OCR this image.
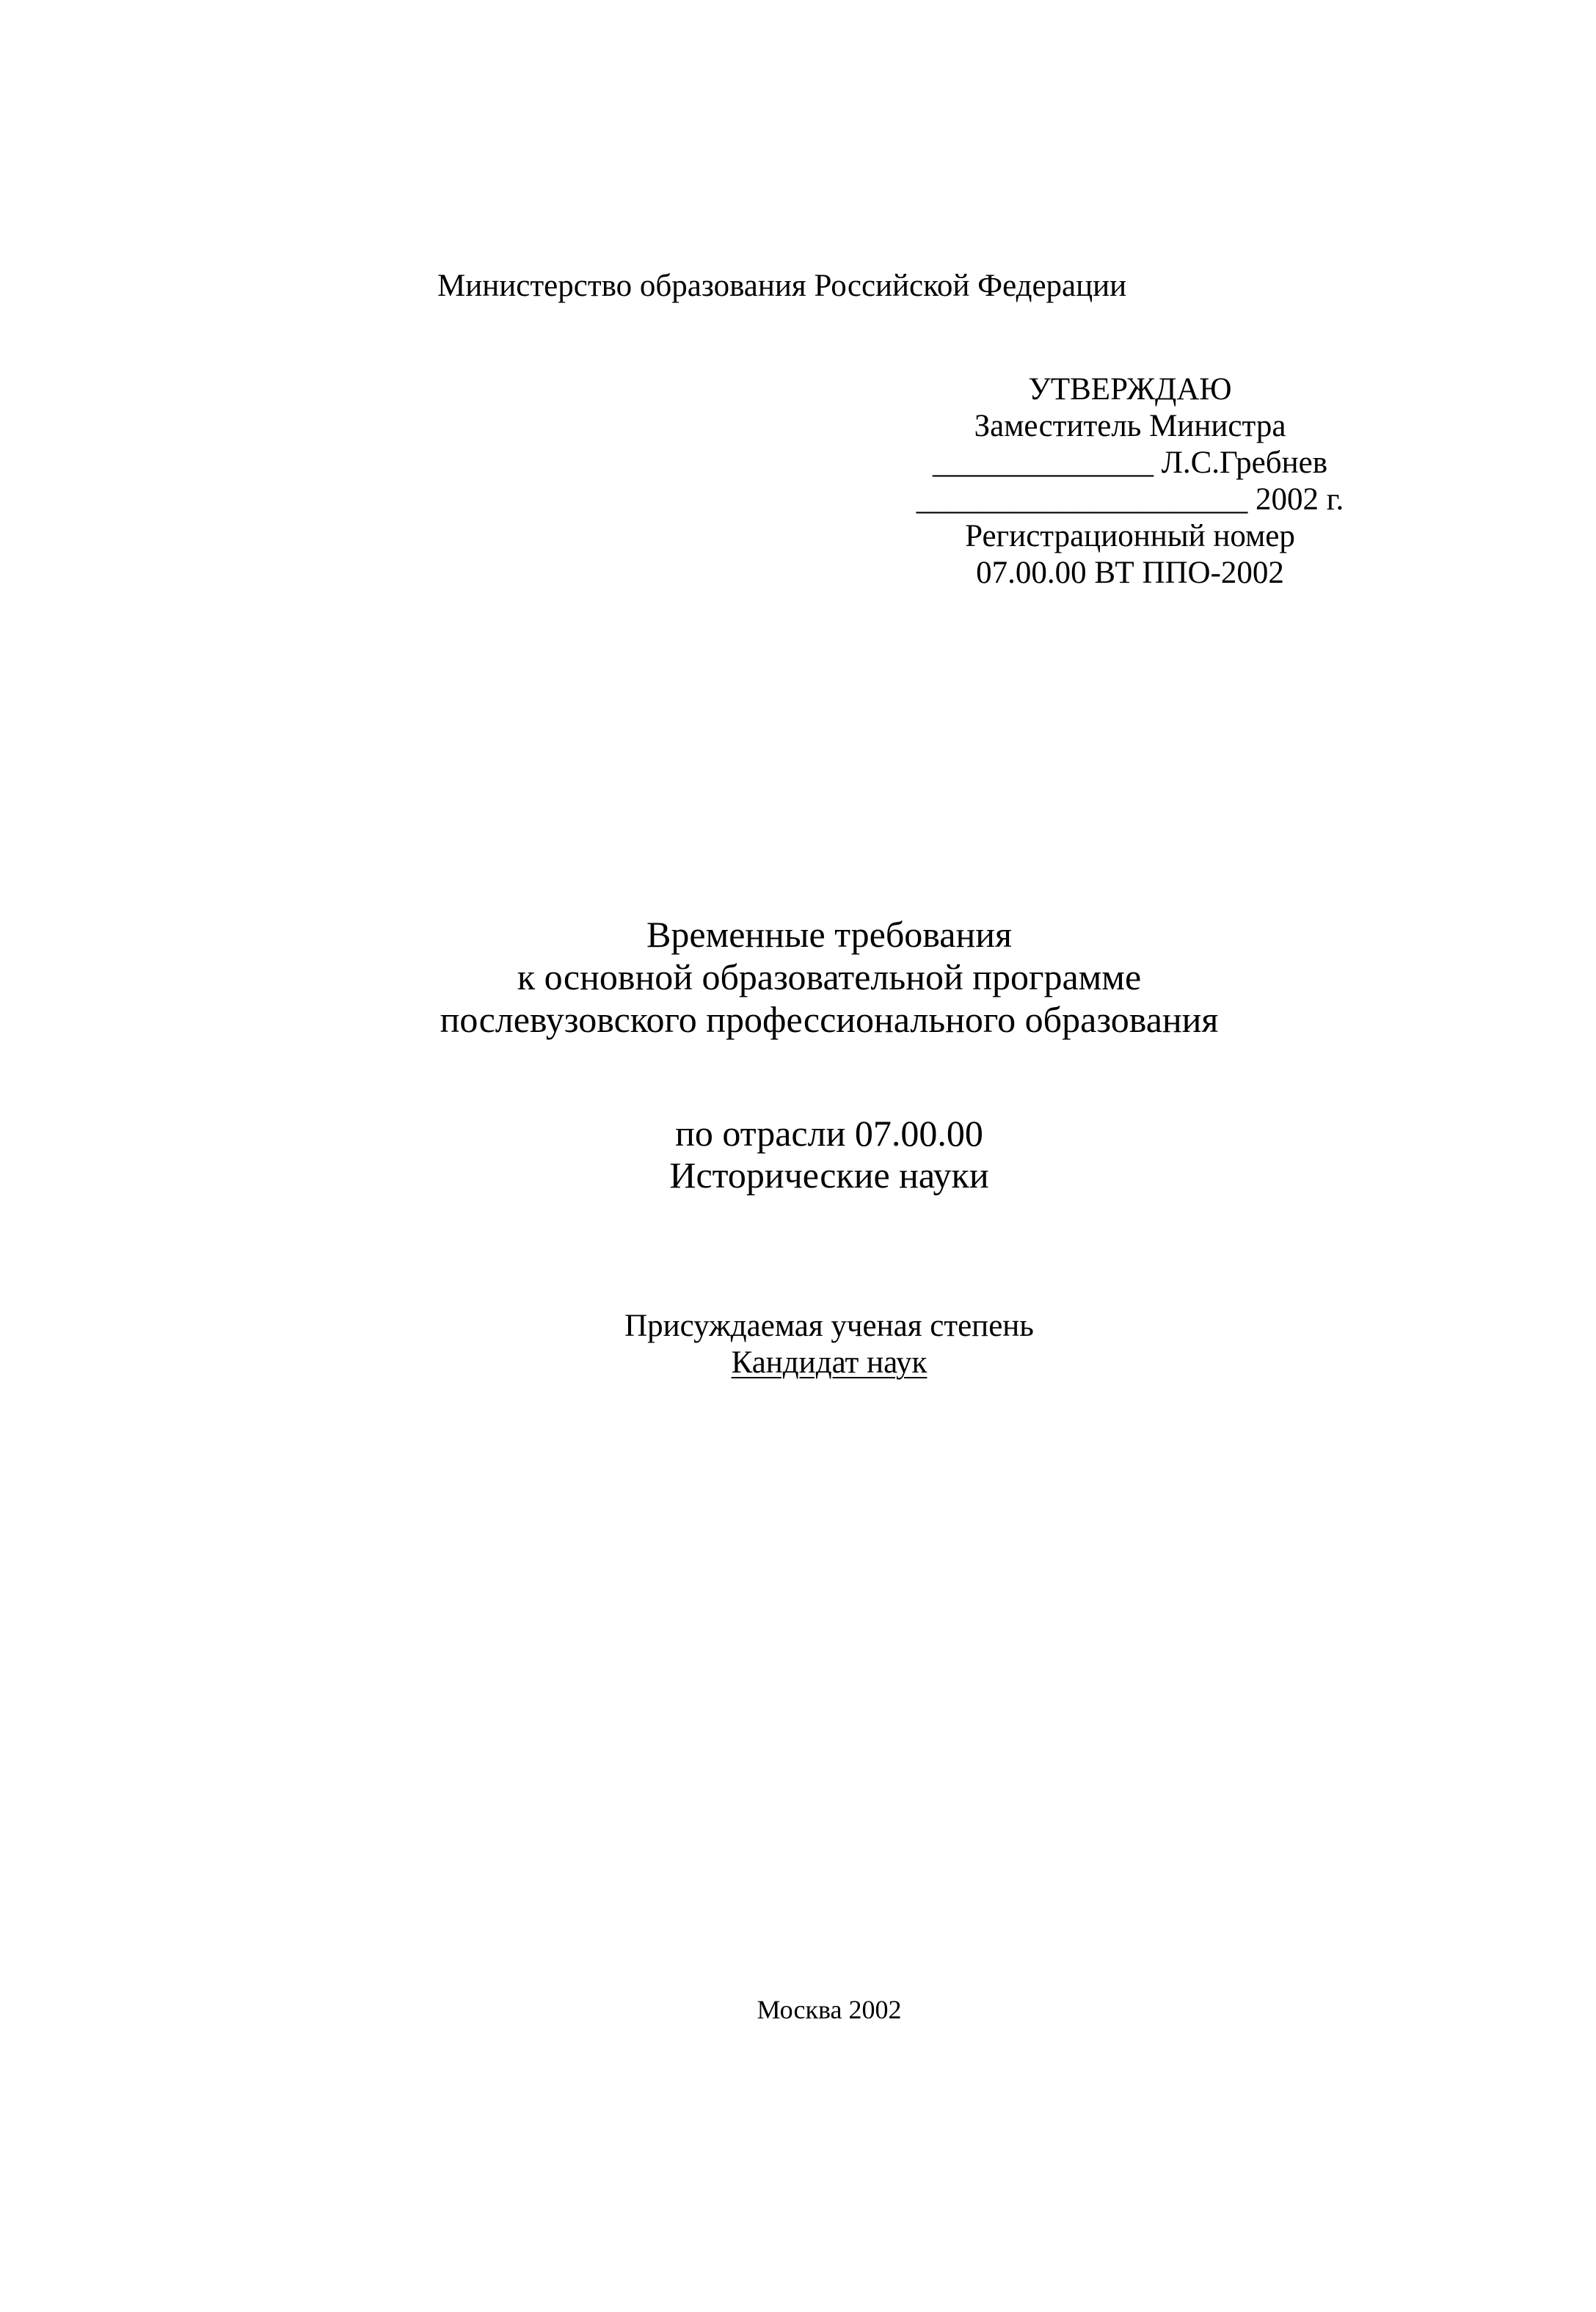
Министерство образования Российской Федерации
УТВЕРЖДАЮ
Заместитель Министра
______________ Л.С.Гребнев
_____________________ 2002 г.
Регистрационный номер
07.00.00 ВТ ППО-2002
Временные требования
к основной образовательной программе
послевузовского профессионального образования
по отрасли 07.00.00
Исторические науки
Присуждаемая ученая степень
Кандидат наук
Москва 2002
